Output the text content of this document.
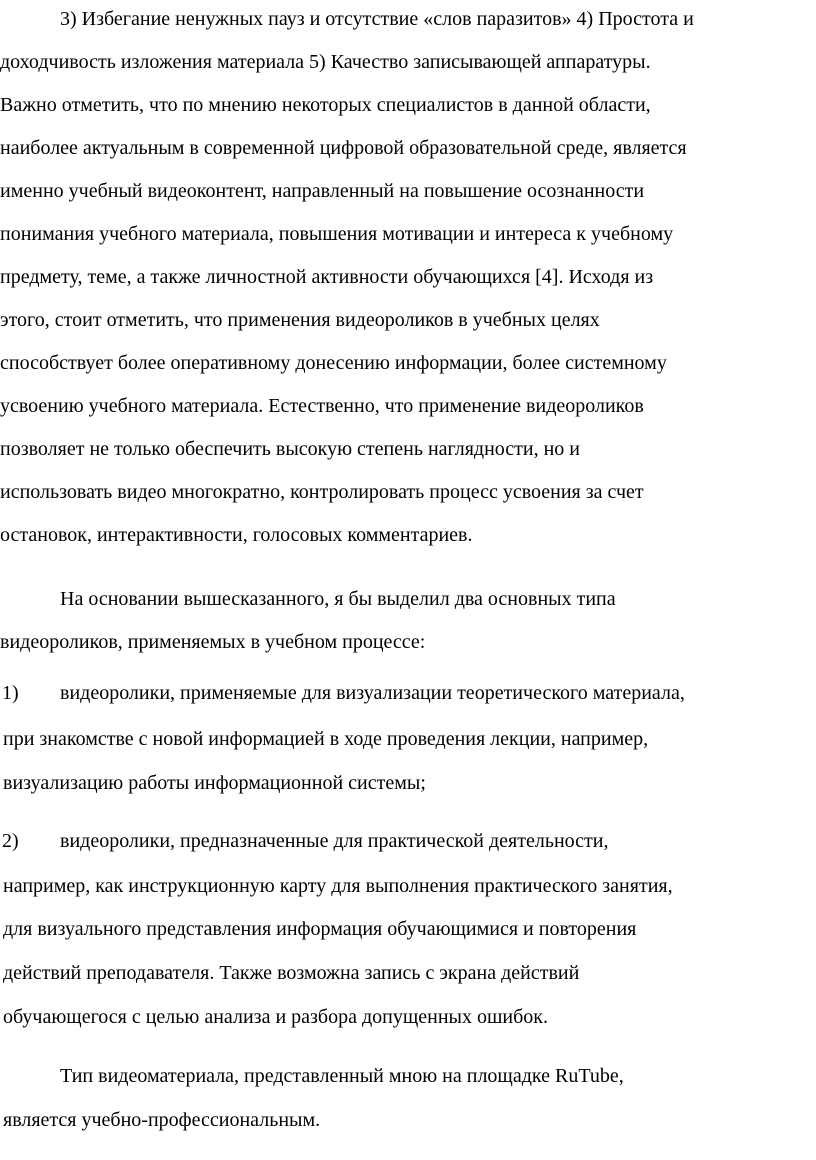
3) Избегание ненужных пауз и отсутствие «слов паразитов» 4) Простота и
доходчивость изложения материала 5) Качество записывающей аппаратуры.
Важно отметить, что по мнению некоторых специалистов в данной области,
наиболее актуальным в современной цифровой образовательной среде, является
именно учебный видеоконтент, направленный на повышение осознанности
понимания учебного материала, повышения мотивации и интереса к учебному
предмету, теме, а также личностной активности обучающихся [4]. Исходя из
этого, стоит отметить, что применения видеороликов в учебных целях
способствует более оперативному донесению информации, более системному
усвоению учебного материала. Естественно, что применение видеороликов
позволяет не только обеспечить высокую степень наглядности, но и
использовать видео многократно, контролировать процесс усвоения за счет
остановок, интерактивности, голосовых комментариев.
На основании вышесказанного, я бы выделил два основных типа
видеороликов, применяемых в учебном процессе:
1) видеоролики, применяемые для визуализации теоретического материала,
при знакомстве с новой информацией в ходе проведения лекции, например,
визуализацию работы информационной системы;
2) видеоролики, предназначенные для практической деятельности,
например, как инструкционную карту для выполнения практического занятия,
для визуального представления информация обучающимися и повторения
действий преподавателя. Также возможна запись с экрана действий
обучающегося с целью анализа и разбора допущенных ошибок.
Тип видеоматериала, представленный мною на площадке RuTube,
является учебно-профессиональным.
